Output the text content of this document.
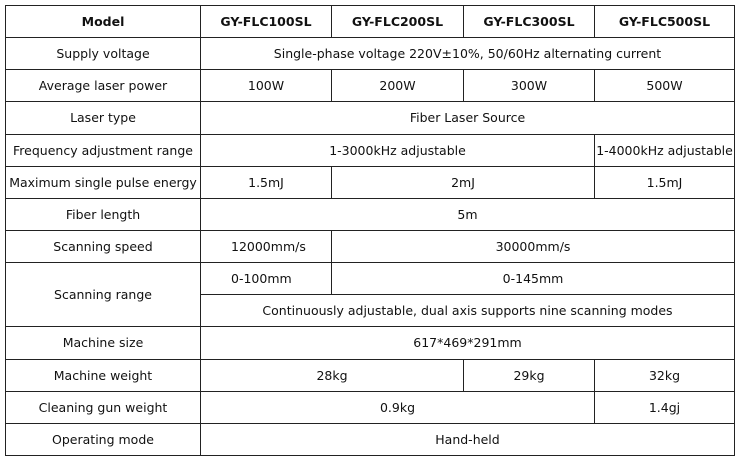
Model	GY-FLC100SL	GY-FLC200SL	GY-FLC300SL	GY-FLC500SL
Supply voltage	Single-phase voltage 220V±10%, 50/60Hz alternating current			
Average laser power	100W	200W	300W	500W
Laser type	Fiber Laser Source			
Frequency adjustment range	1-3000kHz adjustable			1-4000kHz adjustable
Maximum single pulse energy	1.5mJ	2mJ		1.5mJ
Fiber length	5m			
Scanning speed	12000mm/s	30000mm/s		
Scanning range	0-100mm	0-145mm		
	Continuously adjustable, dual axis supports nine scanning modes			
Machine size	617*469*291mm			
Machine weight	28kg		29kg	32kg
Cleaning gun weight	0.9kg			1.4gj
Operating mode	Hand-held			
